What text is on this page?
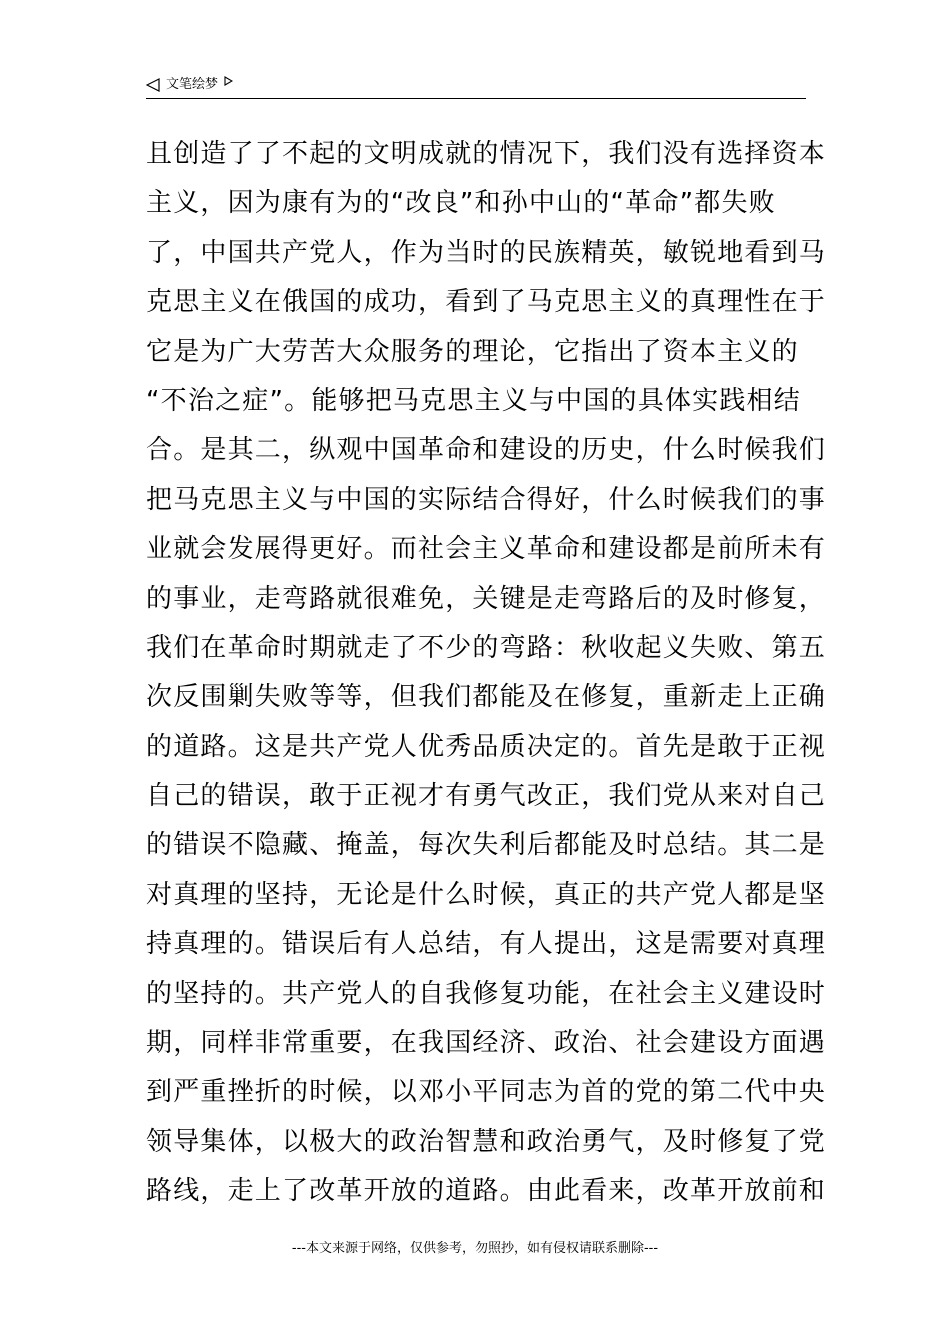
文笔绘梦
且创造了了不起的文明成就的情况下，我们没有选择资本
主义，因为康有为的“改良”和孙中山的“革命”都失败
了，中国共产党人，作为当时的民族精英，敏锐地看到马
克思主义在俄国的成功，看到了马克思主义的真理性在于
它是为广大劳苦大众服务的理论，它指出了资本主义的
“不治之症”。能够把马克思主义与中国的具体实践相结
合。是其二，纵观中国革命和建设的历史，什么时候我们
把马克思主义与中国的实际结合得好，什么时候我们的事
业就会发展得更好。而社会主义革命和建设都是前所未有
的事业，走弯路就很难免，关键是走弯路后的及时修复，
我们在革命时期就走了不少的弯路：秋收起义失败、第五
次反围剿失败等等，但我们都能及在修复，重新走上正确
的道路。这是共产党人优秀品质决定的。首先是敢于正视
自己的错误，敢于正视才有勇气改正，我们党从来对自己
的错误不隐藏、掩盖，每次失利后都能及时总结。其二是
对真理的坚持，无论是什么时候，真正的共产党人都是坚
持真理的。错误后有人总结，有人提出，这是需要对真理
的坚持的。共产党人的自我修复功能，在社会主义建设时
期，同样非常重要，在我国经济、政治、社会建设方面遇
到严重挫折的时候，以邓小平同志为首的党的第二代中央
领导集体，以极大的政治智慧和政治勇气，及时修复了党
路线，走上了改革开放的道路。由此看来，改革开放前和
---本文来源于网络，仅供参考，勿照抄，如有侵权请联系删除---
